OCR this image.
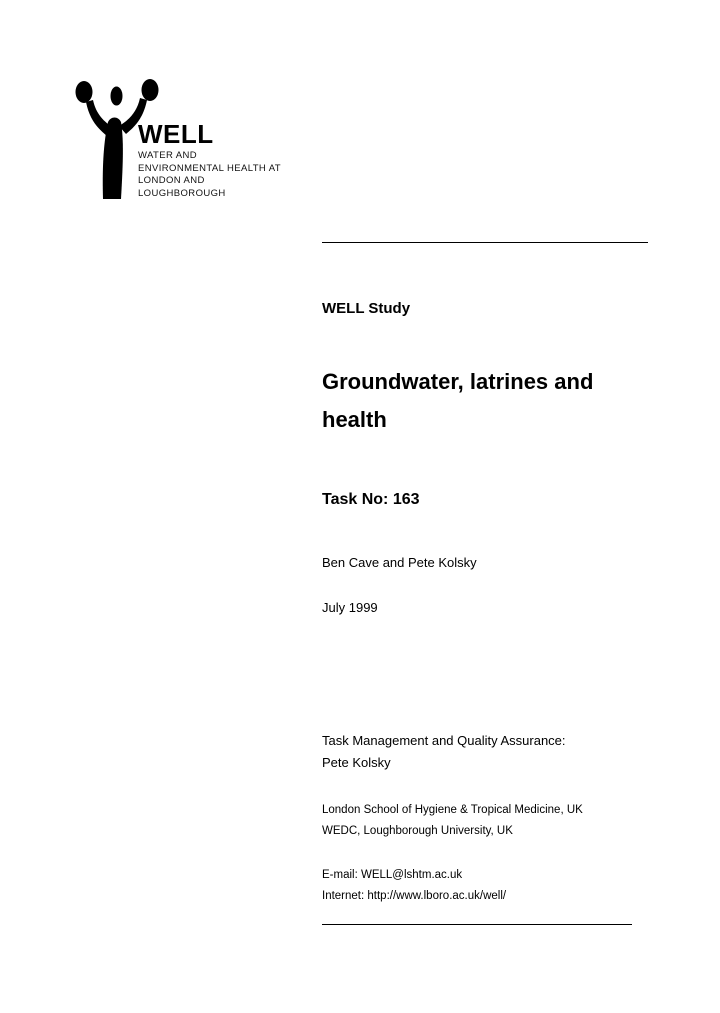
WELL
WATER AND
ENVIRONMENTAL HEALTH AT
LONDON AND
LOUGHBOROUGH
WELL Study
Groundwater, latrines and health
Task No: 163
Ben Cave and Pete Kolsky
July 1999
Task Management and Quality Assurance:
Pete Kolsky
London School of Hygiene & Tropical Medicine, UK
WEDC, Loughborough University, UK
E-mail: WELL@lshtm.ac.uk
Internet: http://www.lboro.ac.uk/well/
